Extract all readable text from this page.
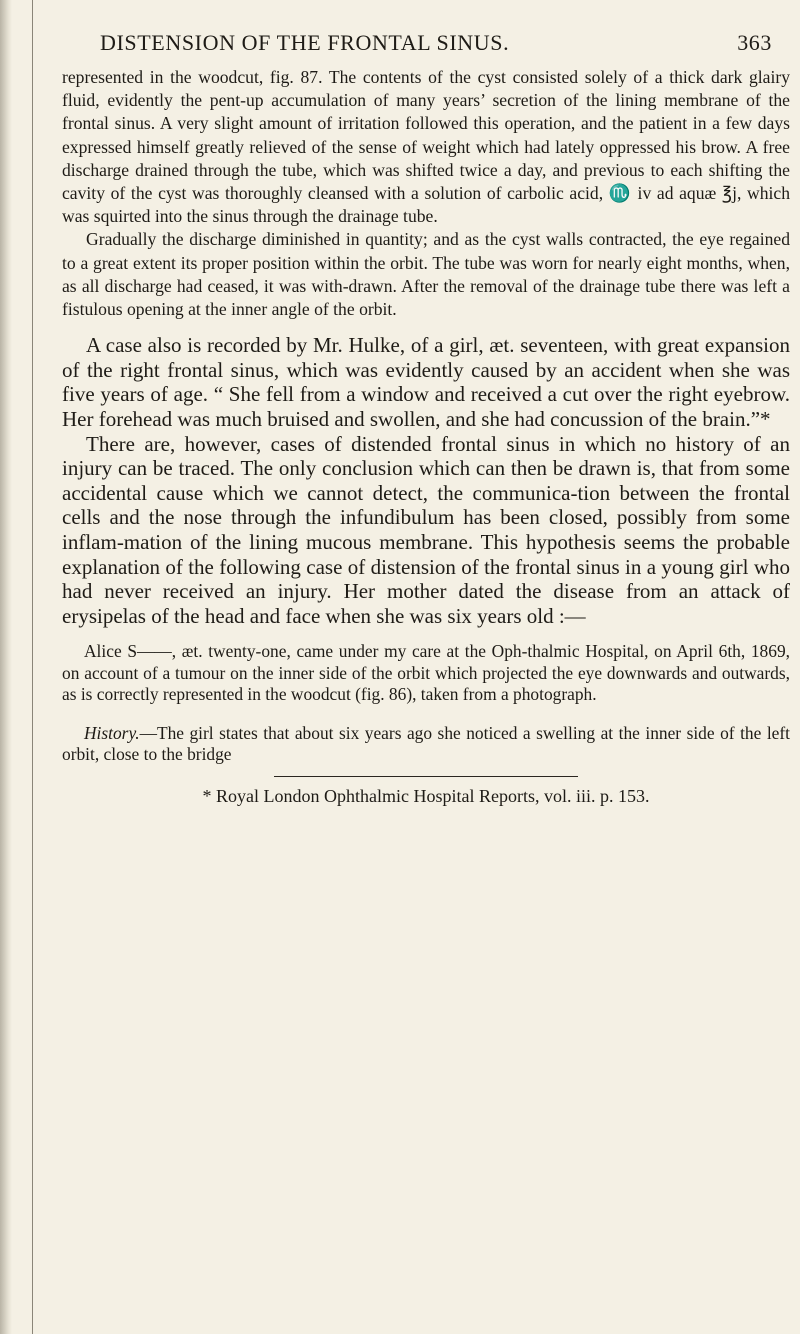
DISTENSION OF THE FRONTAL SINUS.	363

represented in the woodcut, fig. 87. The contents of the cyst consisted solely of a thick dark glairy fluid, evidently the pent-up accumulation of many years’ secretion of the lining membrane of the frontal sinus. A very slight amount of irritation followed this operation, and the patient in a few days expressed himself greatly relieved of the sense of weight which had lately oppressed his brow. A free discharge drained through the tube, which was shifted twice a day, and previous to each shifting the cavity of the cyst was thoroughly cleansed with a solution of carbolic acid, ♏ iv ad aquæ ℥j, which was squirted into the sinus through the drainage tube.

Gradually the discharge diminished in quantity; and as the cyst walls contracted, the eye regained to a great extent its proper position within the orbit. The tube was worn for nearly eight months, when, as all discharge had ceased, it was with-drawn. After the removal of the drainage tube there was left a fistulous opening at the inner angle of the orbit.

A case also is recorded by Mr. Hulke, of a girl, æt. seventeen, with great expansion of the right frontal sinus, which was evidently caused by an accident when she was five years of age. “ She fell from a window and received a cut over the right eyebrow. Her forehead was much bruised and swollen, and she had concussion of the brain.”*

There are, however, cases of distended frontal sinus in which no history of an injury can be traced. The only conclusion which can then be drawn is, that from some accidental cause which we cannot detect, the communica-tion between the frontal cells and the nose through the infundibulum has been closed, possibly from some inflam-mation of the lining mucous membrane. This hypothesis seems the probable explanation of the following case of distension of the frontal sinus in a young girl who had never received an injury. Her mother dated the disease from an attack of erysipelas of the head and face when she was six years old :—

Alice S——, æt. twenty-one, came under my care at the Oph-thalmic Hospital, on April 6th, 1869, on account of a tumour on the inner side of the orbit which projected the eye downwards and outwards, as is correctly represented in the woodcut (fig. 86), taken from a photograph.

History.—The girl states that about six years ago she noticed a swelling at the inner side of the left orbit, close to the bridge

* Royal London Ophthalmic Hospital Reports, vol. iii. p. 153.
